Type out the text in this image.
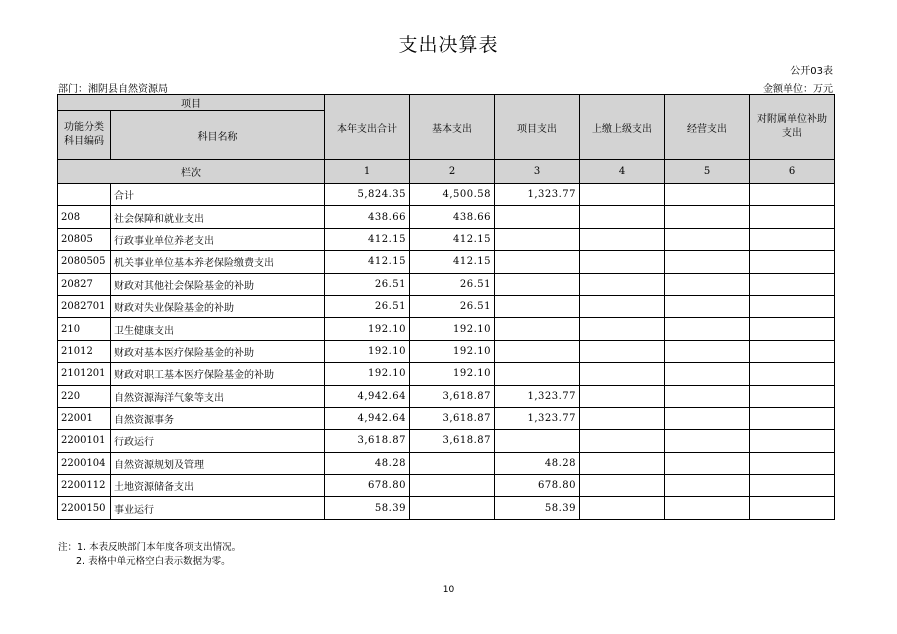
支出决算表
公开03表
部门：湘阴县自然资源局	金额单位：万元
项目		本年支出合计	基本支出	项目支出	上缴上级支出	经营支出	对附属单位补助
支出

功能分类
科目编码	科目名称						
栏次		1	2	3	4	5	6
	合计	5,824.35	4,500.58	1,323.77			
208	社会保障和就业支出	438.66	438.66				
20805	行政事业单位养老支出	412.15	412.15				
2080505	机关事业单位基本养老保险缴费支出	412.15	412.15				
20827	财政对其他社会保险基金的补助	26.51	26.51				
2082701	财政对失业保险基金的补助	26.51	26.51				
210	卫生健康支出	192.10	192.10				
21012	财政对基本医疗保险基金的补助	192.10	192.10				
2101201	财政对职工基本医疗保险基金的补助	192.10	192.10				
220	自然资源海洋气象等支出	4,942.64	3,618.87	1,323.77			
22001	自然资源事务	4,942.64	3,618.87	1,323.77			
2200101	行政运行	3,618.87	3,618.87				
2200104	自然资源规划及管理	48.28		48.28			
2200112	土地资源储备支出	678.80		678.80			
2200150	事业运行	58.39		58.39			
注：1. 本表反映部门本年度各项支出情况。
2. 表格中单元格空白表示数据为零。
10
